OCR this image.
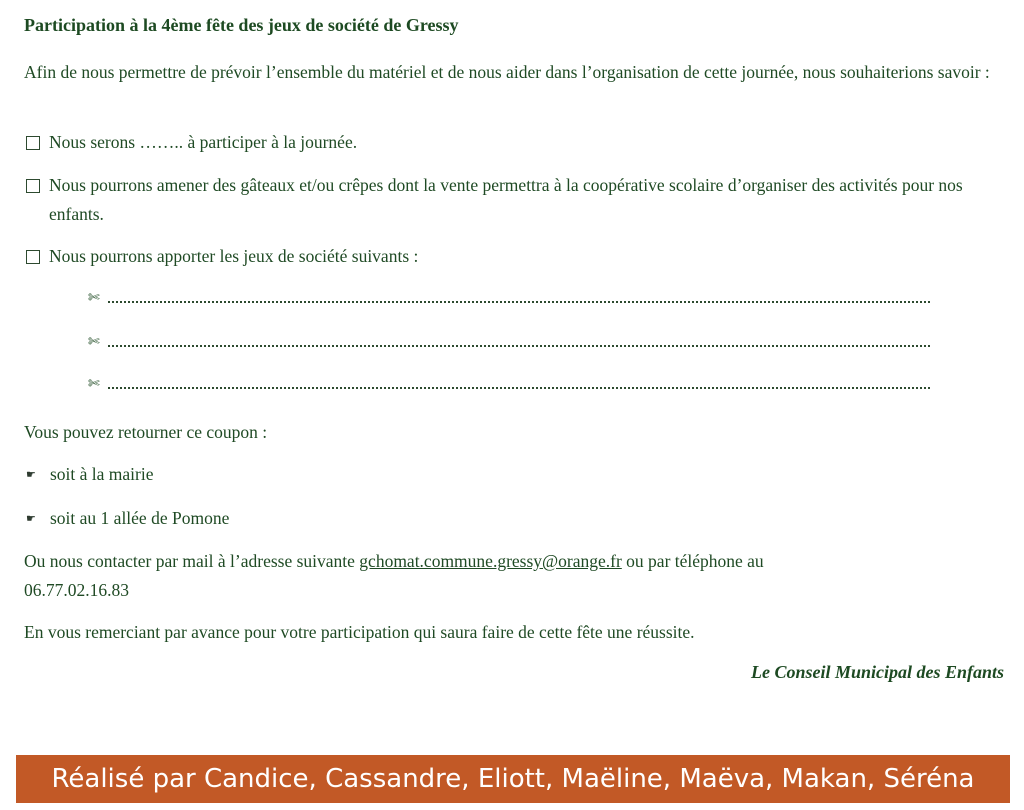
Participation à la 4ème fête des jeux de société de Gressy

Afin de nous permettre de prévoir l’ensemble du matériel et de nous aider dans l’organisation de cette journée, nous souhaiterions savoir :

Nous serons …….. à participer à la journée.
Nous pourrons amener des gâteaux et/ou crêpes dont la vente permettra à la coopérative scolaire d’organiser des activités pour nos enfants.
Nous pourrons apporter les jeux de société suivants :
✄
✄
✄

Vous pouvez retourner ce coupon :

☛ soit à la mairie
☛ soit au 1 allée de Pomone

Ou nous contacter par mail à l’adresse suivante gchomat.commune.gressy@orange.fr ou par téléphone au
06.77.02.16.83

En vous remerciant par avance pour votre participation qui saura faire de cette fête une réussite.

Le Conseil Municipal des Enfants
Réalisé par Candice, Cassandre, Eliott, Maëline, Maëva, Makan, Séréna
